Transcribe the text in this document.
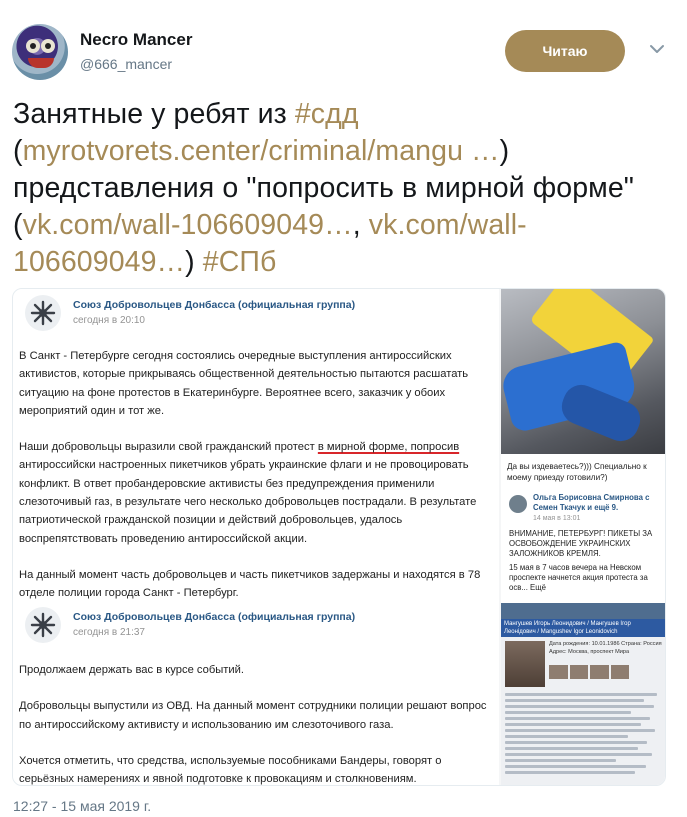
Necro Mancer
@666_mancer
Читаю
Занятные у ребят из #сдд (myrotvorets.center/criminal/mangu …) представления о "попросить в мирной форме" (vk.com/wall-106609049…, vk.com/wall-106609049…) #СПб
Союз Добровольцев Донбасса (официальная группа)
сегодня в 20:10

В Санкт - Петербурге сегодня состоялись очередные выступления антироссийских активистов, которые прикрываясь общественной деятельностью пытаются расшатать ситуацию на фоне протестов в Екатеринбурге. Вероятнее всего, заказчик у обоих мероприятий один и тот же.

Наши добровольцы выразили свой гражданский протест в мирной форме, попросив антироссийски настроенных пикетчиков убрать украинские флаги и не провоцировать конфликт. В ответ пробандеровские активисты без предупреждения применили слезоточивый газ, в результате чего несколько добровольцев пострадали. В результате патриотической гражданской позиции и действий добровольцев, удалось воспрепятствовать проведению антироссийской акции.

На данный момент часть добровольцев и часть пикетчиков задержаны и находятся в 78 отделе полиции города Санкт - Петербург.

Союз Добровольцев Донбасса (официальная группа)
сегодня в 21:37

Продолжаем держать вас в курсе событий.

Добровольцы выпустили из ОВД. На данный момент сотрудники полиции решают вопрос по антироссийскому активисту и использованию им слезоточивого газа.

Хочется отметить, что средства, используемые пособниками Бандеры, говорят о серьёзных намерениях и явной подготовке к провокациям и столкновениям.

Да вы издеваетесь?))) Специально к моему приезду готовили?)
Ольга Борисовна Смирнова с Семен Ткачук и ещё 9.
14 мая в 13:01
ВНИМАНИЕ, ПЕТЕРБУРГ! ПИКЕТЫ ЗА ОСВОБОЖДЕНИЕ УКРАИНСКИХ ЗАЛОЖНИКОВ КРЕМЛЯ.
15 мая в 7 часов вечера на Невском проспекте начнется акция протеста за осв... Ещё
Мангушев Игорь Леонидович / Мангушев Ігор Леонідович / Mangushev Igor Leonidovich
Дата рождения: 10.01.1986 Страна: Россия Адрес: Москва, проспект Мира
12:27 - 15 мая 2019 г.
